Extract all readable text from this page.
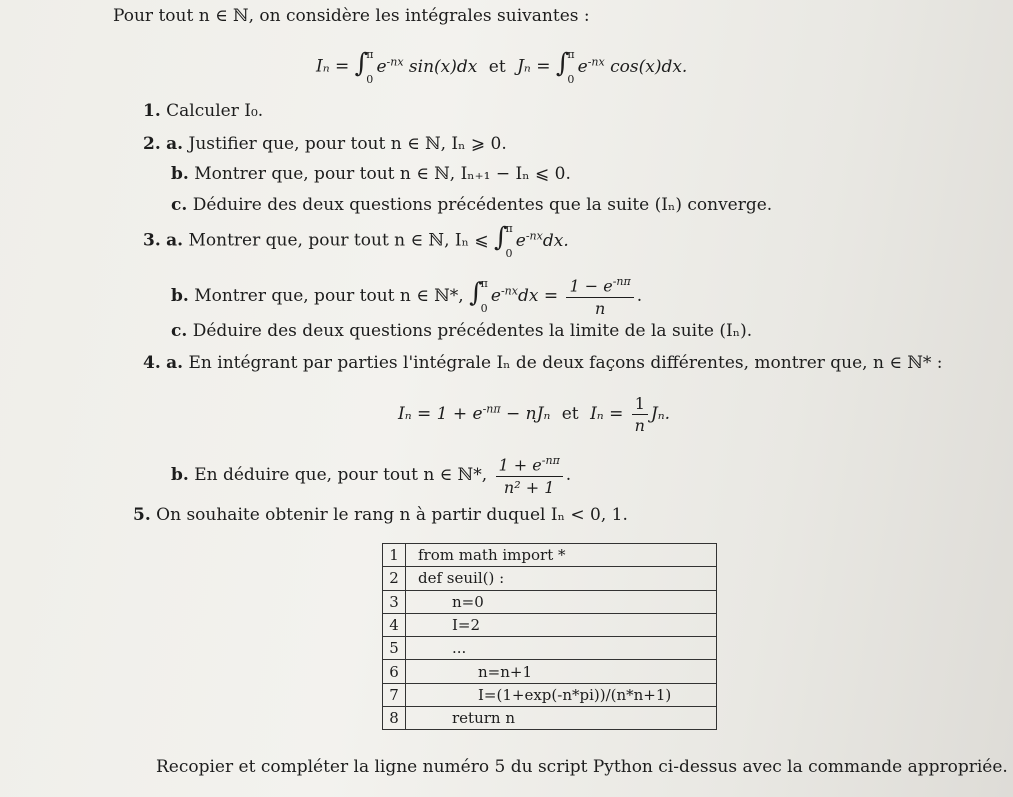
Pour tout n ∈ ℕ, on considère les intégrales suivantes :
Iₙ = ∫
π
0
$e^{-nx}$ sin(x)dx et Jₙ = ∫
π
0
$e^{-nx}$ cos(x)dx.
1. Calculer I₀.
2. a. Justifier que, pour tout n ∈ ℕ, Iₙ ⩾ 0.
b. Montrer que, pour tout n ∈ ℕ, Iₙ₊₁ − Iₙ ⩽ 0.
c. Déduire des deux questions précédentes que la suite (Iₙ) converge.
3. a. Montrer que, pour tout n ∈ ℕ, Iₙ ⩽ ∫
π
0
$e^{-nx}dx$.
b. Montrer que, pour tout n ∈ ℕ*, ∫
π
0
$e^{-nx}dx = \frac{1 - e^{-n\pi}}{n}$ .
c. Déduire des deux questions précédentes la limite de la suite (Iₙ).
4. a. En intégrant par parties l'intégrale Iₙ de deux façons différentes, montrer que, n ∈ ℕ* :
$I_n = 1 + e^{-n\pi} - nJ_n$ et $I_n = \frac{1}{n} J_n$.
b. En déduire que, pour tout n ∈ ℕ*, $\frac{1 + e^{-n\pi}}{\text{n² + 1}}$ .
5. On souhaite obtenir le rang n à partir duquel Iₙ < 0, 1.
1	from math import *
2	def seuil() :
3	n=0
4	I=2
5	...
6	n=n+1
7	I=(1+exp(-n*pi))/(n*n+1)
8	return n
Recopier et compléter la ligne numéro 5 du script Python ci-dessus avec la commande appropriée.
